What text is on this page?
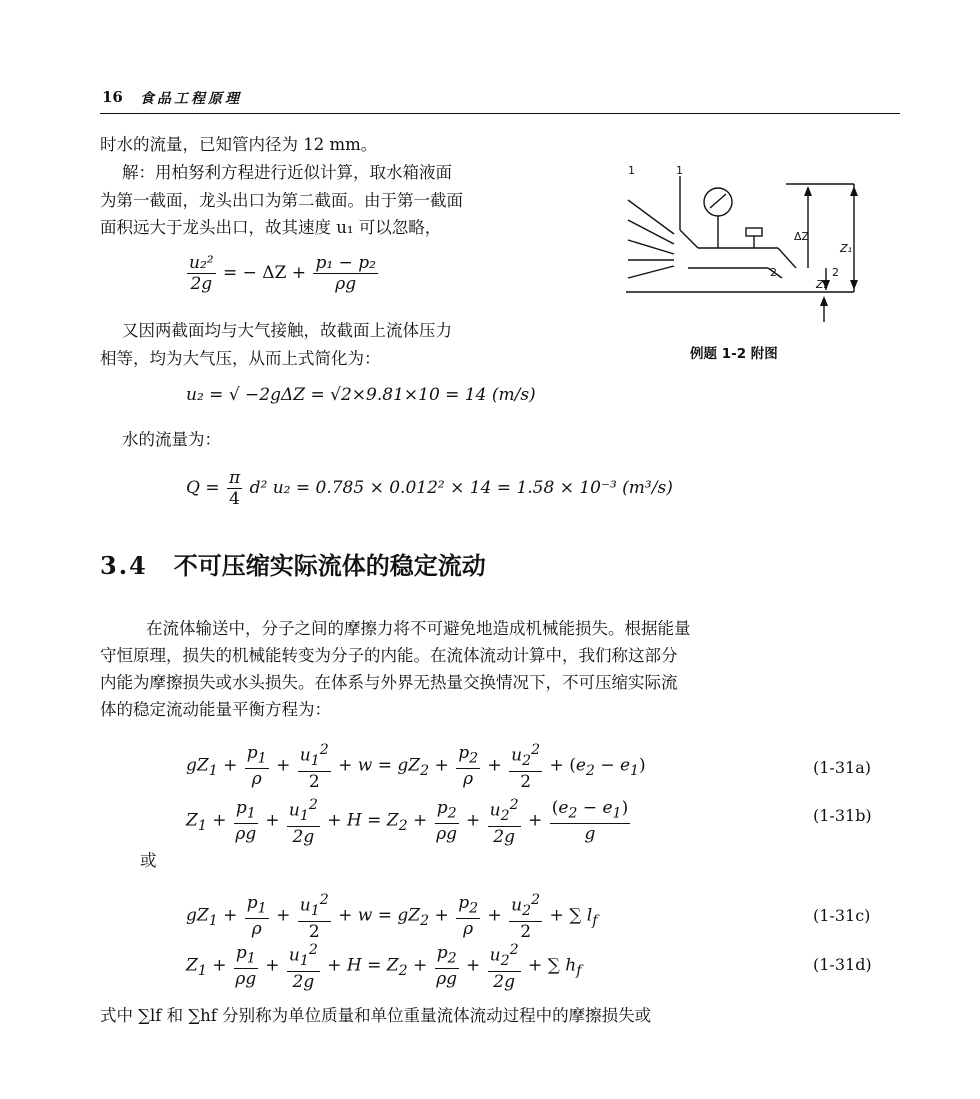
16 食品工程原理
时水的流量，已知管内径为 12 mm。
解：用柏努利方程进行近似计算，取水箱液面
为第一截面，龙头出口为第二截面。由于第一截面
面积远大于龙头出口，故其速度 u₁ 可以忽略，
$\frac{\text{u₂²}}{2g}$ = − $\Delta Z + \frac{\text{p₁ − p₂}}{\rho g}$
又因两截面均与大气接触，故截面上流体压力
相等，均为大气压，从而上式简化为：
u₂ = √ −2gΔZ = √2×9.81×10 = 14 (m/s)
水的流量为：
$Q = \frac{\pi}{4} d^2$ u₂ = 0.785 × 0.012² × 14 = 1.58 × 10⁻³ (m³/s)
1	1
2	2
ΔZ
Z₁
Z₂
例题 1-2 附图
3.4 不可压缩实际流体的稳定流动
在流体输送中，分子之间的摩擦力将不可避免地造成机械能损失。根据能量
守恒原理，损失的机械能转变为分子的内能。在流体流动计算中，我们称这部分
内能为摩擦损失或水头损失。在体系与外界无热量交换情况下，不可压缩实际流
体的稳定流动能量平衡方程为：
$gZ_1 + \frac{p_1}{\rho} + \frac{u_1^2}{2} + w = gZ_2 + \frac{p_2}{\rho} + \frac{u_2^2}{2} + (e_2 - e_1)$	(1-31a)
$Z_1 + \frac{p_1}{\rho g} + \frac{u_1^2}{2g} + H = Z_2 + \frac{p_2}{\rho g} + \frac{u_2^2}{2g} + \frac{(e_2 - e_1)}{g}$	(1-31b)
或
$gZ_1 + \frac{p_1}{\rho} + \frac{u_1^2}{2} + w = gZ_2 + \frac{p_2}{\rho} + \frac{u_2^2}{2}$ + ∑ $l_f$	(1-31c)
$Z_1 + \frac{p_1}{\rho g} + \frac{u_1^2}{2g} + H = Z_2 + \frac{p_2}{\rho g} + \frac{u_2^2}{2g}$ + ∑ $h_f$	(1-31d)
式中 ∑lf 和 ∑hf 分别称为单位质量和单位重量流体流动过程中的摩擦损失或
